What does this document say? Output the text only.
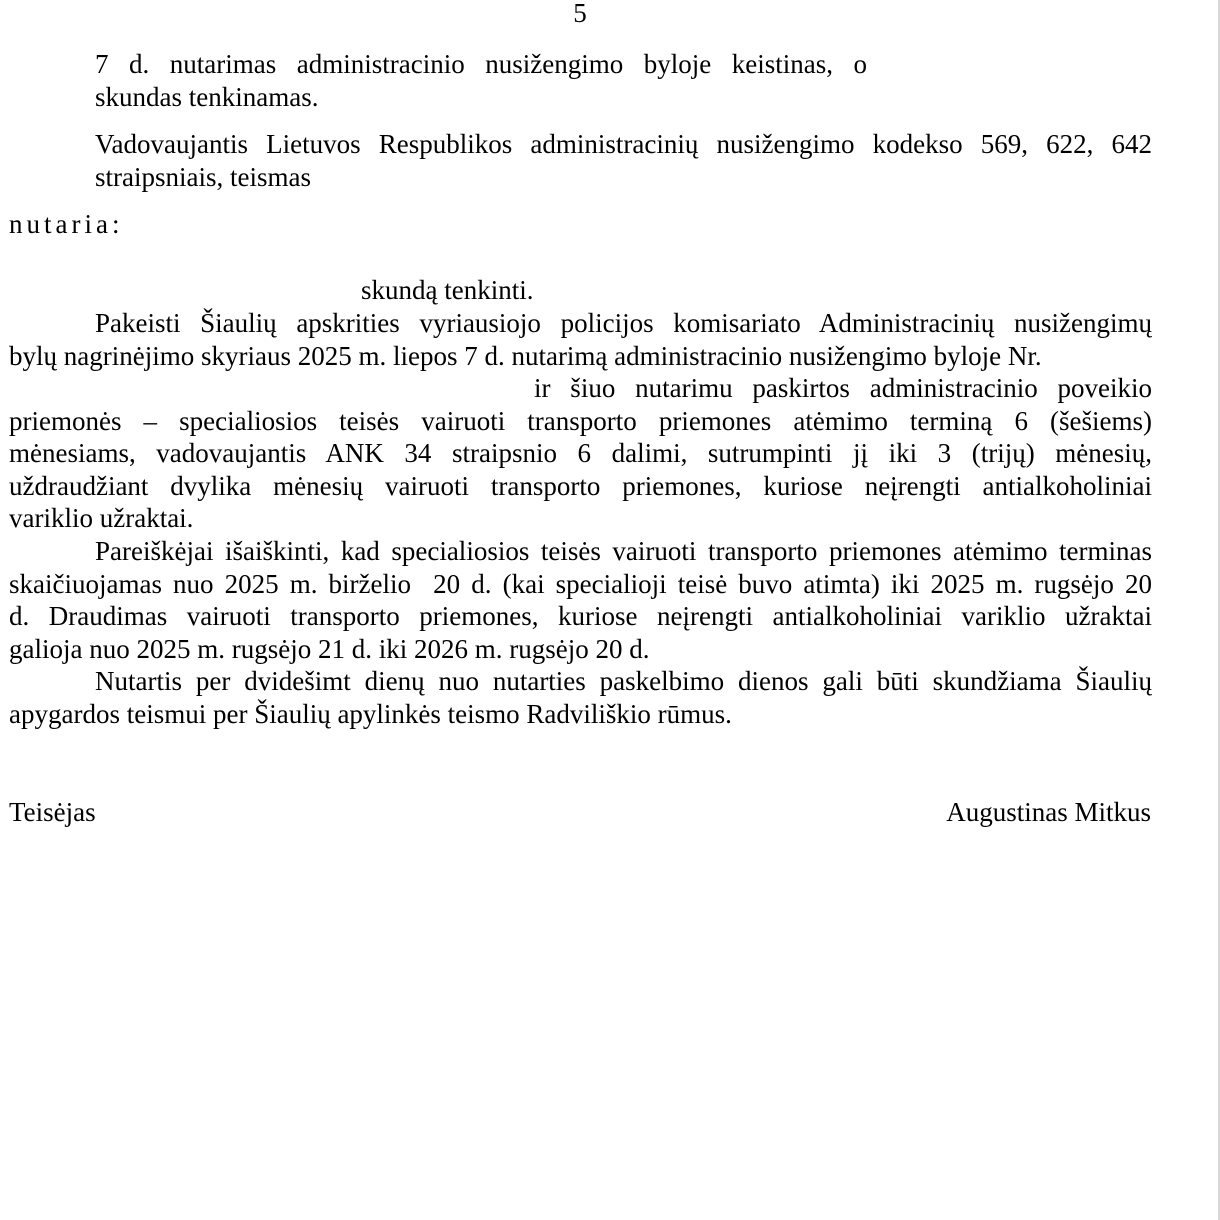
5
7 d. nutarimas administracinio nusižengimo byloje keistinas, o
skundas tenkinamas.
Vadovaujantis Lietuvos Respublikos administracinių nusižengimo kodekso 569, 622, 642
straipsniais, teismas
nutaria:
skundą tenkinti.
Pakeisti Šiaulių apskrities vyriausiojo policijos komisariato Administracinių nusižengimų
bylų nagrinėjimo skyriaus 2025 m. liepos 7 d. nutarimą administracinio nusižengimo byloje Nr.
ir šiuo nutarimu paskirtos administracinio poveikio
priemonės – specialiosios teisės vairuoti transporto priemones atėmimo terminą 6 (šešiems)
mėnesiams, vadovaujantis ANK 34 straipsnio 6 dalimi, sutrumpinti jį iki 3 (trijų) mėnesių,
uždraudžiant dvylika mėnesių vairuoti transporto priemones, kuriose neįrengti antialkoholiniai
variklio užraktai.
Pareiškėjai išaiškinti, kad specialiosios teisės vairuoti transporto priemones atėmimo terminas
skaičiuojamas nuo 2025 m. birželio  20 d. (kai specialioji teisė buvo atimta) iki 2025 m. rugsėjo 20
d. Draudimas vairuoti transporto priemones, kuriose neįrengti antialkoholiniai variklio užraktai
galioja nuo 2025 m. rugsėjo 21 d. iki 2026 m. rugsėjo 20 d.
Nutartis per dvidešimt dienų nuo nutarties paskelbimo dienos gali būti skundžiama Šiaulių
apygardos teismui per Šiaulių apylinkės teismo Radviliškio rūmus.
Teisėjas	Augustinas Mitkus
